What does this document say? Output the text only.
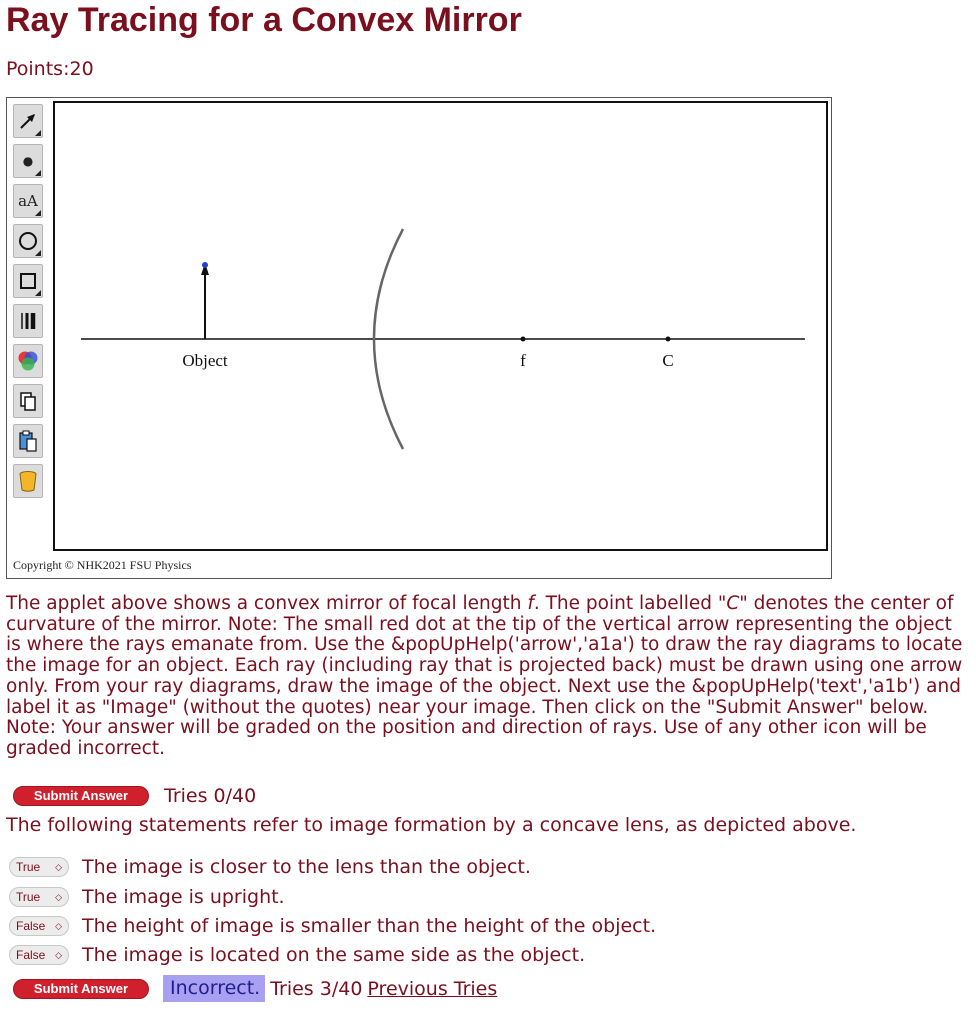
Ray Tracing for a Convex Mirror
Points:20
●
aA
Object	f	C
Copyright © NHK2021 FSU Physics

The applet above shows a convex mirror of focal length f. The point labelled "C" denotes the center of curvature of the mirror. Note: The small red dot at the tip of the vertical arrow representing the object is where the rays emanate from. Use the &popUpHelp('arrow','a1a') to draw the ray diagrams to locate the image for an object. Each ray (including ray that is projected back) must be drawn using one arrow only. From your ray diagrams, draw the image of the object. Next use the &popUpHelp('text','a1b') and label it as "Image" (without the quotes) near your image. Then click on the "Submit Answer" below. Note: Your answer will be graded on the position and direction of rays. Use of any other icon will be graded incorrect.

Submit Answer	Tries 0/40

The following statements refer to image formation by a concave lens, as depicted above.

True ◇ The image is closer to the lens than the object.
True ◇ The image is upright.
False ◇ The height of image is smaller than the height of the object.
False ◇ The image is located on the same side as the object.
Submit Answer	Incorrect. Tries 3/40 Previous Tries
